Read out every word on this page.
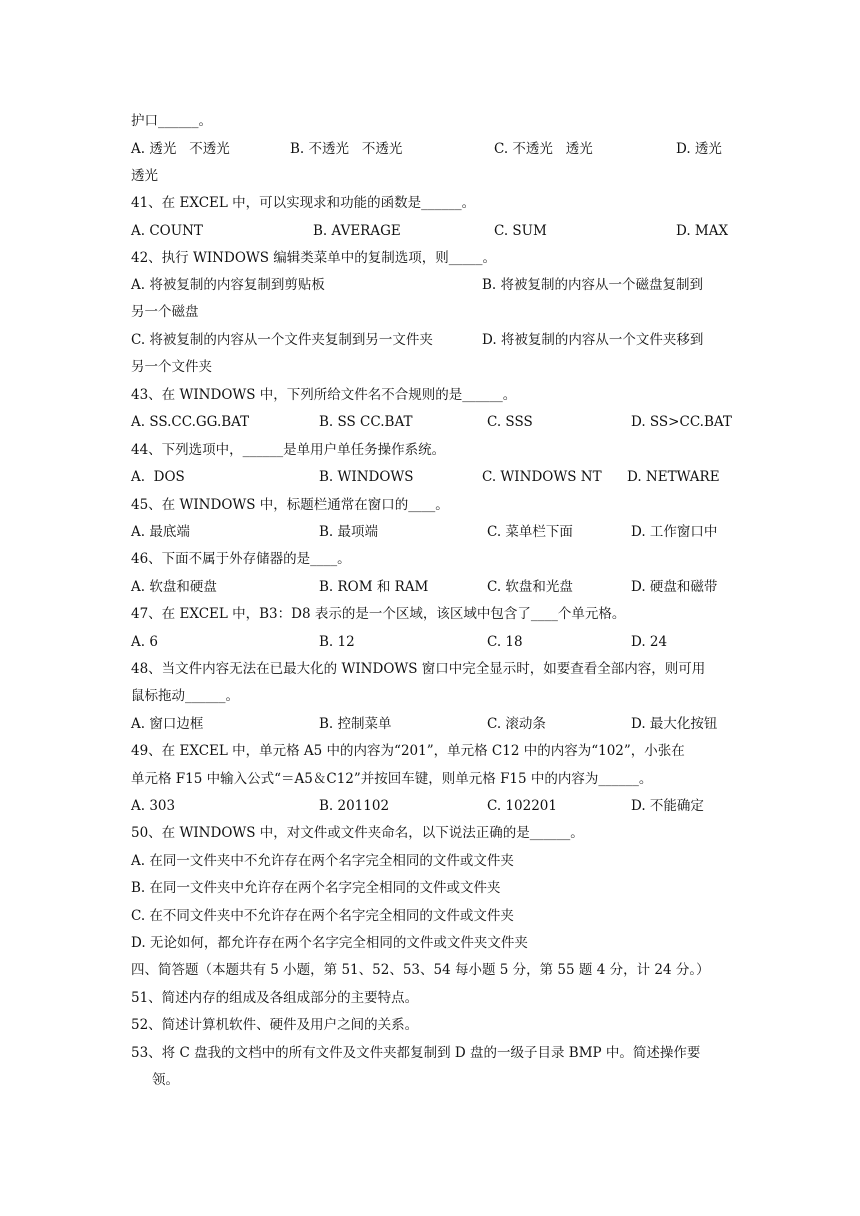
护口______。
A. 透光   不透光	B. 不透光   不透光	C. 不透光   透光	D. 透光
透光
41、在 EXCEL 中，可以实现求和功能的函数是______。
A. COUNT	B. AVERAGE	C. SUM	D. MAX
42、执行 WINDOWS 编辑类菜单中的复制选项，则_____。
A. 将被复制的内容复制到剪贴板	B. 将被复制的内容从一个磁盘复制到
另一个磁盘
C. 将被复制的内容从一个文件夹复制到另一文件夹	D. 将被复制的内容从一个文件夹移到
另一个文件夹
43、在 WINDOWS 中，下列所给文件名不合规则的是______。
A. SS.CC.GG.BAT	B. SS CC.BAT	C. SSS	D. SS>CC.BAT
44、下列选项中，______是单用户单任务操作系统。
A.  DOS	B. WINDOWS	C. WINDOWS NT D. NETWARE
45、在 WINDOWS 中，标题栏通常在窗口的____。
A. 最底端	B. 最项端	C. 菜单栏下面	D. 工作窗口中
46、下面不属于外存储器的是____。
A. 软盘和硬盘	B. ROM 和 RAM	C. 软盘和光盘	D. 硬盘和磁带
47、在 EXCEL 中，B3：D8 表示的是一个区域，该区域中包含了____个单元格。
A. 6	B. 12	C. 18	D. 24
48、当文件内容无法在已最大化的 WINDOWS 窗口中完全显示时，如要查看全部内容，则可用
鼠标拖动______。
A. 窗口边框	B. 控制菜单	C. 滚动条	D. 最大化按钮
49、在 EXCEL 中，单元格 A5 中的内容为“201”，单元格 C12 中的内容为“102”，小张在
单元格 F15 中输入公式“＝A5＆C12”并按回车键，则单元格 F15 中的内容为______。
A. 303	B. 201102	C. 102201	D. 不能确定
50、在 WINDOWS 中，对文件或文件夹命名，以下说法正确的是______。
A. 在同一文件夹中不允许存在两个名字完全相同的文件或文件夹
B. 在同一文件夹中允许存在两个名字完全相同的文件或文件夹
C. 在不同文件夹中不允许存在两个名字完全相同的文件或文件夹
D. 无论如何，都允许存在两个名字完全相同的文件或文件夹文件夹
四、简答题（本题共有 5 小题，第 51、52、53、54 每小题 5 分，第 55 题 4 分，计 24 分。）
51、简述内存的组成及各组成部分的主要特点。
52、简述计算机软件、硬件及用户之间的关系。
53、将 C 盘我的文档中的所有文件及文件夹都复制到 D 盘的一级子目录 BMP 中。简述操作要
领。
